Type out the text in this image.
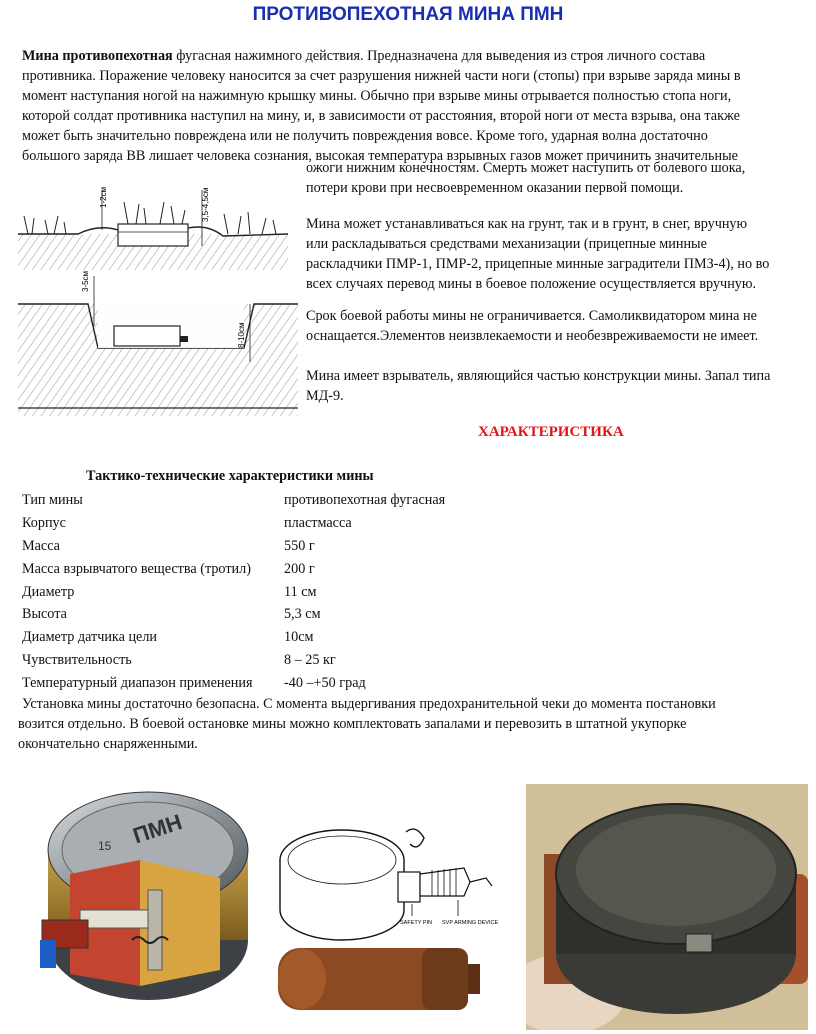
ПРОТИВОПЕХОТНАЯ МИНА ПМН
Мина противопехотная фугасная нажимного действия. Предназначена для выведения из строя личного состава
противника. Поражение человеку наносится за счет разрушения нижней части ноги (стопы) при взрыве заряда мины в
момент наступания ногой на нажимную крышку мины. Обычно при взрыве мины отрывается полностью стопа ноги,
которой солдат противника наступил на мину, и, в зависимости от расстояния, второй ноги от места взрыва, она также
может быть значительно повреждена или не получить повреждения вовсе. Кроме того, ударная волна достаточно
большого заряда ВВ лишает человека сознания, высокая температура взрывных газов может причинить значительные
ожоги нижним конечностям. Смерть может наступить от болевого шока,
потери крови при несвоевременном оказании первой помощи.
Мина может устанавливаться как на грунт, так и в грунт, в снег, вручную
или раскладываться средствами механизации (прицепные минные
раскладчики ПМР-1, ПМР-2, прицепные минные заградители ПМЗ-4), но во
всех случаях перевод мины в боевое положение осуществляется вручную.
Срок боевой работы мины не ограничивается. Самоликвидатором мина не
оснащается.Элементов неизвлекаемости и необезвреживаемости не имеет.
Мина имеет взрыватель, являющийся частью конструкции мины. Запал типа
МД-9.
1-2см	3,5-4,5см
3-5см
8-10см
ХАРАКТЕРИСТИКА
Тактико-технические характеристики мины
Тип мины	противопехотная фугасная
Корпус	пластмасса
Масса	550 г
Масса взрывчатого вещества (тротил) 200 г
Диаметр	11 см
Высота	5,3 см
Диаметр датчика цели	10см
Чувствительность	8 – 25 кг
Температурный диапазон применения -40 –+50 град
Установка мины достаточно безопасна. С момента выдергивания предохранительной чеки до момента постановки
возится отдельно. В боевой остановке мины можно комплектовать запалами и перевозить в штатной укупорке
окончательно снаряженными.
ПМН
15
SAFETY PIN SVP ARMING DEVICE
